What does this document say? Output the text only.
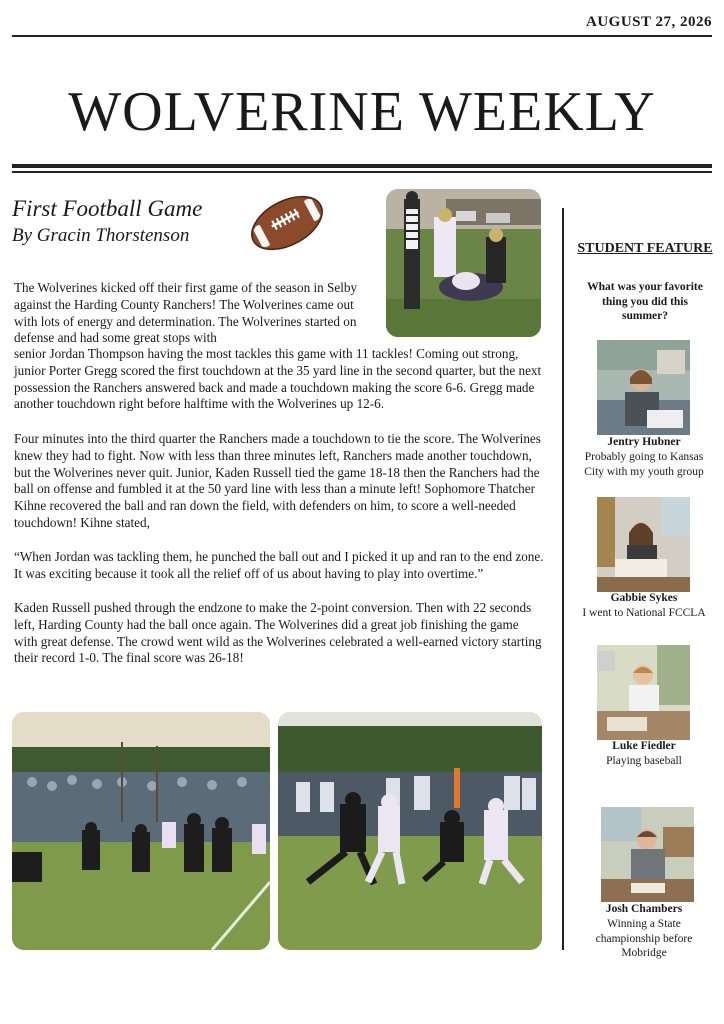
AUGUST 27, 2026
WOLVERINE WEEKLY
First Football Game
By Gracin Thorstenson

The Wolverines kicked off their first game of the season in Selby against the Harding County Ranchers! The Wolverines came out with lots of energy and determination. The Wolverines started on defense and had some great stops with

senior Jordan Thompson having the most tackles this game with 11 tackles! Coming out strong, junior Porter Gregg scored the first touchdown at the 35 yard line in the second quarter, but the next possession the Ranchers answered back and made a touchdown making the score 6-6. Gregg made another touchdown right before halftime with the Wolverines up 12-6.

Four minutes into the third quarter the Ranchers made a touchdown to tie the score. The Wolverines knew they had to fight. Now with less than three minutes left, Ranchers made another touchdown, but the Wolverines never quit. Junior, Kaden Russell tied the game 18-18 then the Ranchers had the ball on offense and fumbled it at the 50 yard line with less than a minute left! Sophomore Thatcher Kihne recovered the ball and ran down the field, with defenders on him, to score a well-needed touchdown! Kihne stated,

“When Jordan was tackling them, he punched the ball out and I picked it up and ran to the end zone. It was exciting because it took all the relief off of us about having to play into overtime.”

Kaden Russell pushed through the endzone to make the 2-point conversion. Then with 22 seconds left, Harding County had the ball once again. The Wolverines did a great job finishing the game with great defense. The crowd went wild as the Wolverines celebrated a well-earned victory starting their record 1-0. The final score was 26-18!

STUDENT FEATURE
What was your favorite thing you did this summer?
Jentry Hubner
Probably going to Kansas City with my youth group
Gabbie Sykes
I went to National FCCLA
Luke Fiedler
Playing baseball
Josh Chambers
Winning a State championship before Mobridge
